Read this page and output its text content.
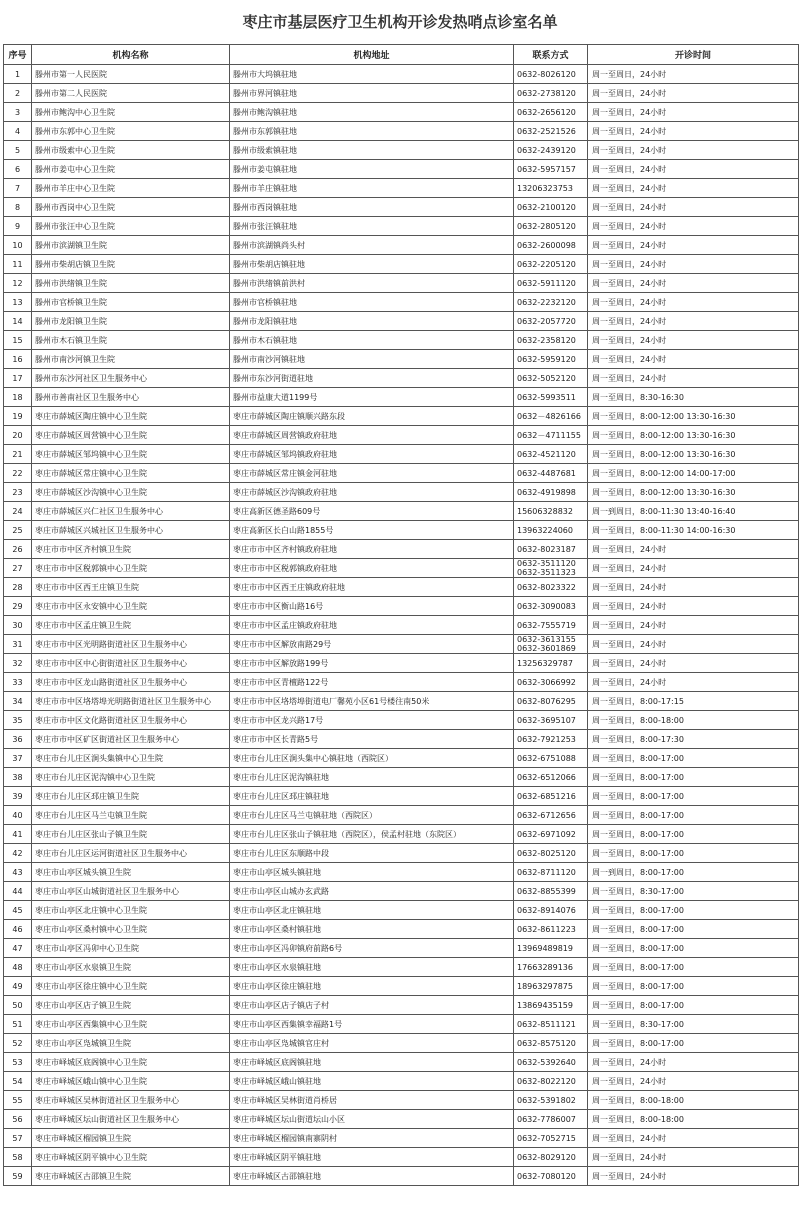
枣庄市基层医疗卫生机构开诊发热哨点诊室名单
序号	机构名称	机构地址	联系方式	开诊时间
1	滕州市第一人民医院	滕州市大坞镇驻地	0632-8026120	周一至周日，24小时
2	滕州市第二人民医院	滕州市界河镇驻地	0632-2738120	周一至周日，24小时
3	滕州市鲍沟中心卫生院	滕州市鲍沟镇驻地	0632-2656120	周一至周日，24小时
4	滕州市东郭中心卫生院	滕州市东郭镇驻地	0632-2521526	周一至周日，24小时
5	滕州市级索中心卫生院	滕州市级索镇驻地	0632-2439120	周一至周日，24小时
6	滕州市姜屯中心卫生院	滕州市姜屯镇驻地	0632-5957157	周一至周日，24小时
7	滕州市羊庄中心卫生院	滕州市羊庄镇驻地	13206323753	周一至周日，24小时
8	滕州市西岗中心卫生院	滕州市西岗镇驻地	0632-2100120	周一至周日，24小时
9	滕州市张汪中心卫生院	滕州市张汪镇驻地	0632-2805120	周一至周日，24小时
10	滕州市滨湖镇卫生院	滕州市滨湖镇尚头村	0632-2600098	周一至周日，24小时
11	滕州市柴胡店镇卫生院	滕州市柴胡店镇驻地	0632-2205120	周一至周日，24小时
12	滕州市洪绪镇卫生院	滕州市洪绪镇前洪村	0632-5911120	周一至周日，24小时
13	滕州市官桥镇卫生院	滕州市官桥镇驻地	0632-2232120	周一至周日，24小时
14	滕州市龙阳镇卫生院	滕州市龙阳镇驻地	0632-2057720	周一至周日，24小时
15	滕州市木石镇卫生院	滕州市木石镇驻地	0632-2358120	周一至周日，24小时
16	滕州市南沙河镇卫生院	滕州市南沙河镇驻地	0632-5959120	周一至周日，24小时
17	滕州市东沙河社区卫生服务中心	滕州市东沙河街道驻地	0632-5052120	周一至周日，24小时
18	滕州市善南社区卫生服务中心	滕州市益康大道1199号	0632-5993511	周一至周日，8:30-16:30
19	枣庄市薛城区陶庄镇中心卫生院	枣庄市薛城区陶庄镇顺兴路东段	0632－4826166	周一至周日，8:00-12:00 13:30-16:30
20	枣庄市薛城区周营镇中心卫生院	枣庄市薛城区周营镇政府驻地	0632－4711155	周一至周日，8:00-12:00 13:30-16:30
21	枣庄市薛城区邹坞镇中心卫生院	枣庄市薛城区邹坞镇政府驻地	0632-4521120	周一至周日，8:00-12:00 13:30-16:30
22	枣庄市薛城区常庄镇中心卫生院	枣庄市薛城区常庄镇金河驻地	0632-4487681	周一至周日，8:00-12:00 14:00-17:00
23	枣庄市薛城区沙沟镇中心卫生院	枣庄市薛城区沙沟镇政府驻地	0632-4919898	周一至周日，8:00-12:00 13:30-16:30
24	枣庄市薛城区兴仁社区卫生服务中心	枣庄高新区德圣路609号	15606328832	周一到周日，8:00-11:30 13:40-16:40
25	枣庄市薛城区兴城社区卫生服务中心	枣庄高新区长白山路1855号	13963224060	周一至周日，8:00-11:30 14:00-16:30
26	枣庄市市中区齐村镇卫生院	枣庄市市中区齐村镇政府驻地	0632-8023187	周一至周日，24小时
27	枣庄市市中区税郭镇中心卫生院	枣庄市市中区税郭镇政府驻地	0632-3511120
0632-3511323	周一至周日，24小时
28	枣庄市市中区西王庄镇卫生院	枣庄市市中区西王庄镇政府驻地	0632-8023322	周一至周日，24小时
29	枣庄市市中区永安镇中心卫生院	枣庄市市中区衡山路16号	0632-3090083	周一至周日，24小时
30	枣庄市市中区孟庄镇卫生院	枣庄市市中区孟庄镇政府驻地	0632-7555719	周一至周日，24小时
31	枣庄市市中区光明路街道社区卫生服务中心	枣庄市市中区解放南路29号	0632-3613155
0632-3601869	周一至周日，24小时
32	枣庄市市中区中心街街道社区卫生服务中心	枣庄市市中区解放路199号	13256329787	周一至周日，24小时
33	枣庄市市中区龙山路街道社区卫生服务中心	枣庄市市中区青檀路122号	0632-3066992	周一至周日，24小时
34	枣庄市市中区垎塔埠光明路街道社区卫生服务中心	枣庄市市中区垎塔埠街道电厂馨苑小区61号楼往南50米	0632-8076295	周一至周日，8:00-17:15
35	枣庄市市中区文化路街道社区卫生服务中心	枣庄市市中区龙兴路17号	0632-3695107	周一至周日，8:00-18:00
36	枣庄市市中区矿区街道社区卫生服务中心	枣庄市市中区长青路5号	0632-7921253	周一至周日，8:00-17:30
37	枣庄市台儿庄区涧头集镇中心卫生院	枣庄市台儿庄区涧头集中心镇驻地（西院区）	0632-6751088	周一至周日，8:00-17:00
38	枣庄市台儿庄区泥沟镇中心卫生院	枣庄市台儿庄区泥沟镇驻地	0632-6512066	周一至周日，8:00-17:00
39	枣庄市台儿庄区邳庄镇卫生院	枣庄市台儿庄区邳庄镇驻地	0632-6851216	周一至周日，8:00-17:00
40	枣庄市台儿庄区马兰屯镇卫生院	枣庄市台儿庄区马兰屯镇驻地（西院区）	0632-6712656	周一至周日，8:00-17:00
41	枣庄市台儿庄区张山子镇卫生院	枣庄市台儿庄区张山子镇驻地（西院区），侯孟村驻地（东院区）	0632-6971092	周一至周日，8:00-17:00
42	枣庄市台儿庄区运河街道社区卫生服务中心	枣庄市台儿庄区东顺路中段	0632-8025120	周一至周日，8:00-17:00
43	枣庄市山亭区城头镇卫生院	枣庄市山亭区城头镇驻地	0632-8711120	周一到周日，8:00-17:00
44	枣庄市山亭区山城街道社区卫生服务中心	枣庄市山亭区山城办玄武路	0632-8855399	周一至周日，8:30-17:00
45	枣庄市山亭区北庄镇中心卫生院	枣庄市山亭区北庄镇驻地	0632-8914076	周一至周日，8:00-17:00
46	枣庄市山亭区桑村镇中心卫生院	枣庄市山亭区桑村镇驻地	0632-8611223	周一至周日，8:00-17:00
47	枣庄市山亭区冯卯中心卫生院	枣庄市山亭区冯卯镇府前路6号	13969489819	周一至周日，8:00-17:00
48	枣庄市山亭区水泉镇卫生院	枣庄市山亭区水泉镇驻地	17663289136	周一至周日，8:00-17:00
49	枣庄市山亭区徐庄镇中心卫生院	枣庄市山亭区徐庄镇驻地	18963297875	周一至周日，8:00-17:00
50	枣庄市山亭区店子镇卫生院	枣庄市山亭区店子镇店子村	13869435159	周一至周日，8:00-17:00
51	枣庄市山亭区西集镇中心卫生院	枣庄市山亭区西集镇幸福路1号	0632-8511121	周一至周日，8:30-17:00
52	枣庄市山亭区凫城镇卫生院	枣庄市山亭区凫城镇官庄村	0632-8575120	周一至周日，8:00-17:00
53	枣庄市峄城区底阁镇中心卫生院	枣庄市峄城区底阁镇驻地	0632-5392640	周一至周日，24小时
54	枣庄市峄城区峨山镇中心卫生院	枣庄市峄城区峨山镇驻地	0632-8022120	周一至周日，24小时
55	枣庄市峄城区吴林街道社区卫生服务中心	枣庄市峄城区吴林街道肖桥居	0632-5391802	周一至周日，8:00-18:00
56	枣庄市峄城区坛山街道社区卫生服务中心	枣庄市峄城区坛山街道坛山小区	0632-7786007	周一至周日，8:00-18:00
57	枣庄市峄城区榴园镇卫生院	枣庄市峄城区榴园镇南寨阴村	0632-7052715	周一至周日，24小时
58	枣庄市峄城区阴平镇中心卫生院	枣庄市峄城区阴平镇驻地	0632-8029120	周一至周日，24小时
59	枣庄市峄城区古邵镇卫生院	枣庄市峄城区古邵镇驻地	0632-7080120	周一至周日，24小时
